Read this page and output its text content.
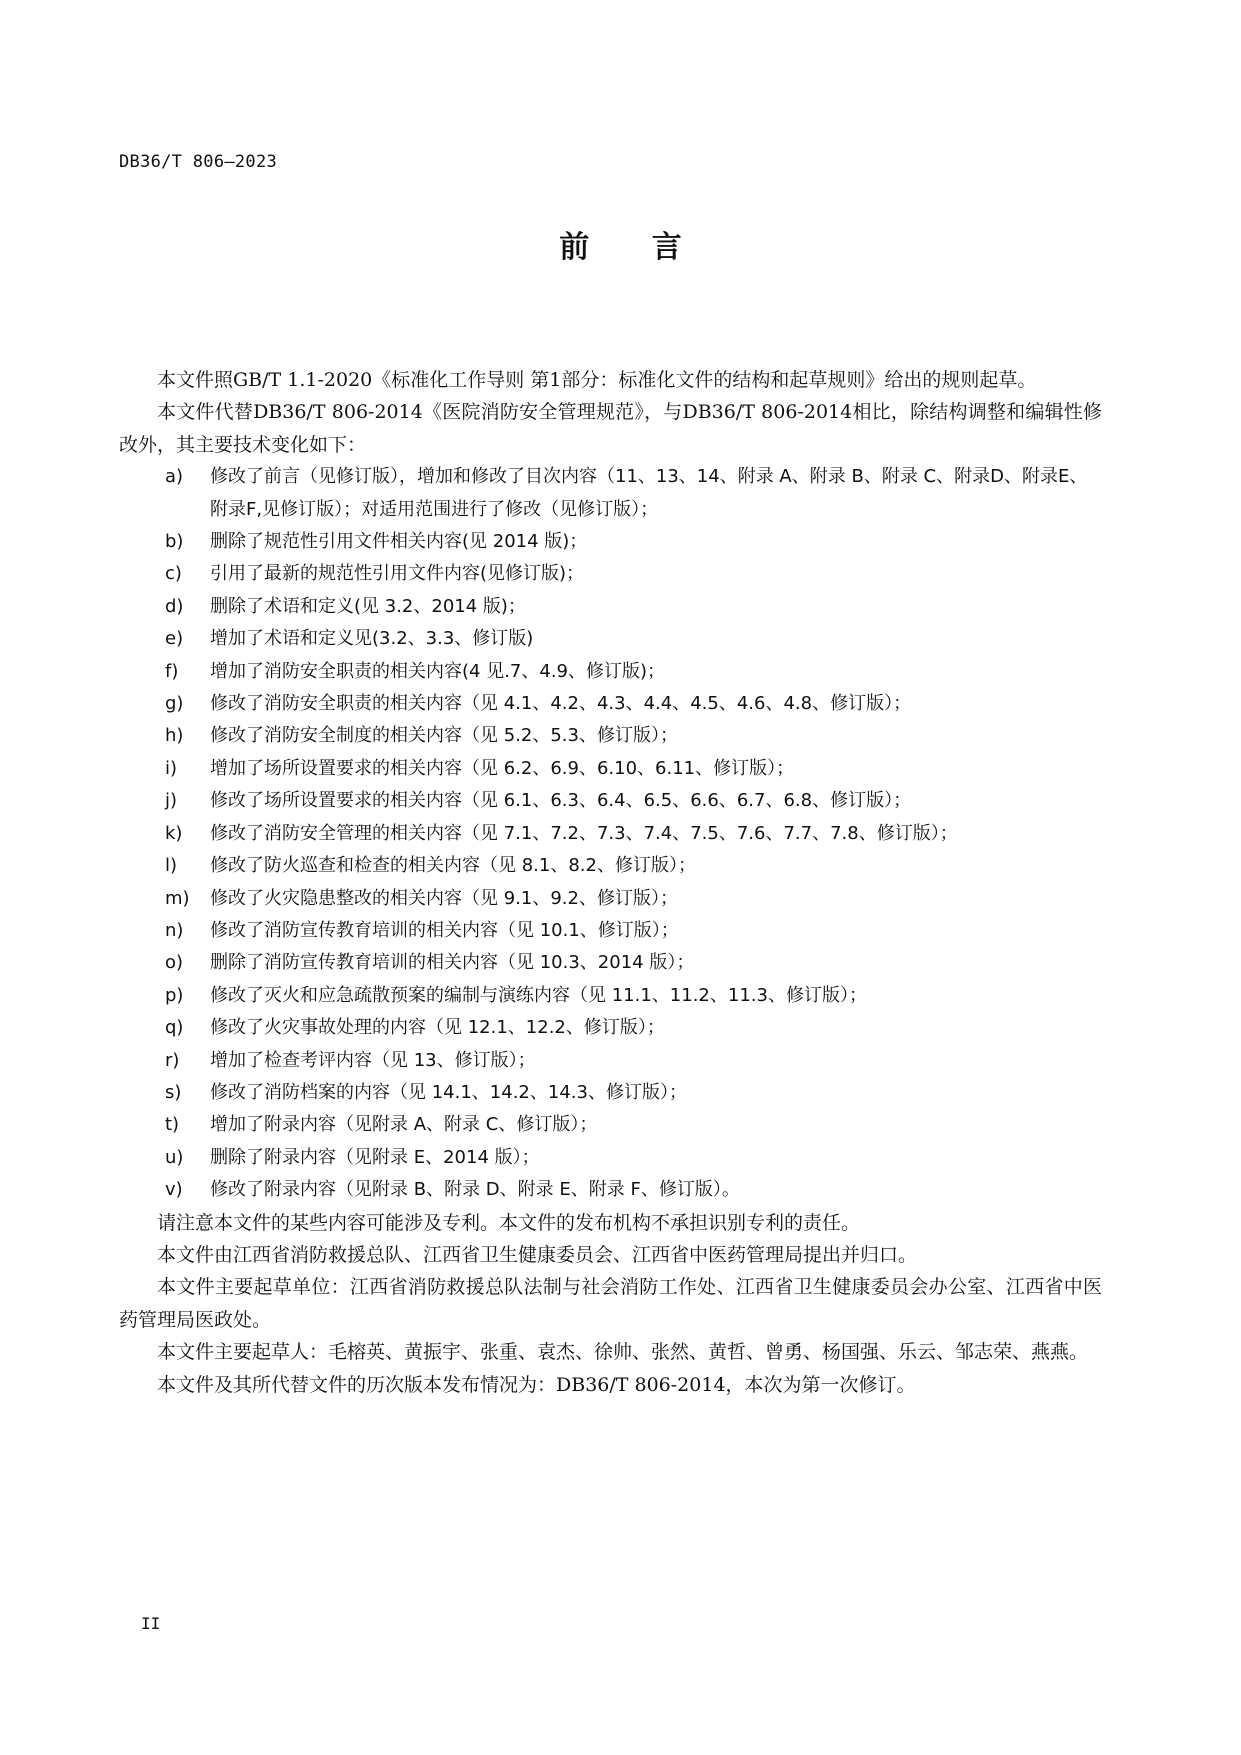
DB36/T 806—2023
前 言

本文件照GB/T 1.1-2020《标准化工作导则 第1部分：标准化文件的结构和起草规则》给出的规则起草。

本文件代替DB36/T 806-2014《医院消防安全管理规范》，与DB36/T 806-2014相比，除结构调整和编辑性修改外，其主要技术变化如下：

a) 修改了前言（见修订版），增加和修改了目次内容（11、13、14、附录 A、附录 B、附录 C、附录D、附录E、附录F,见修订版）；对适用范围进行了修改（见修订版）；
b) 删除了规范性引用文件相关内容(见 2014 版)；
c) 引用了最新的规范性引用文件内容(见修订版)；
d) 删除了术语和定义(见 3.2、2014 版)；
e) 增加了术语和定义见(3.2、3.3、修订版)
f) 增加了消防安全职责的相关内容(4 见.7、4.9、修订版)；
g) 修改了消防安全职责的相关内容（见 4.1、4.2、4.3、4.4、4.5、4.6、4.8、修订版）；
h) 修改了消防安全制度的相关内容（见 5.2、5.3、修订版）；
i) 增加了场所设置要求的相关内容（见 6.2、6.9、6.10、6.11、修订版）；
j) 修改了场所设置要求的相关内容（见 6.1、6.3、6.4、6.5、6.6、6.7、6.8、修订版）；
k) 修改了消防安全管理的相关内容（见 7.1、7.2、7.3、7.4、7.5、7.6、7.7、7.8、修订版）；
l) 修改了防火巡查和检查的相关内容（见 8.1、8.2、修订版）；
m) 修改了火灾隐患整改的相关内容（见 9.1、9.2、修订版）；
n) 修改了消防宣传教育培训的相关内容（见 10.1、修订版）；
o) 删除了消防宣传教育培训的相关内容（见 10.3、2014 版）；
p) 修改了灭火和应急疏散预案的编制与演练内容（见 11.1、11.2、11.3、修订版）；
q) 修改了火灾事故处理的内容（见 12.1、12.2、修订版）；
r) 增加了检查考评内容（见 13、修订版）；
s) 修改了消防档案的内容（见 14.1、14.2、14.3、修订版）；
t) 增加了附录内容（见附录 A、附录 C、修订版）；
u) 删除了附录内容（见附录 E、2014 版）；
v) 修改了附录内容（见附录 B、附录 D、附录 E、附录 F、修订版）。

请注意本文件的某些内容可能涉及专利。本文件的发布机构不承担识别专利的责任。

本文件由江西省消防救援总队、江西省卫生健康委员会、江西省中医药管理局提出并归口。

本文件主要起草单位：江西省消防救援总队法制与社会消防工作处、江西省卫生健康委员会办公室、江西省中医药管理局医政处。

本文件主要起草人：毛榕英、黄振宇、张重、袁杰、徐帅、张然、黄哲、曾勇、杨国强、乐云、邹志荣、燕燕。

本文件及其所代替文件的历次版本发布情况为：DB36/T 806-2014，本次为第一次修订。

II
